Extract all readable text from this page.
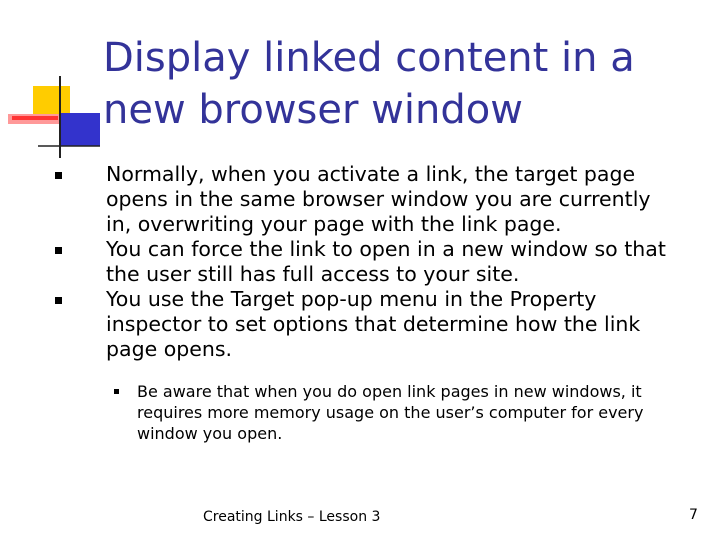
Display linked content in a
new browser window
Normally, when you activate a link, the target page
opens in the same browser window you are currently
in, overwriting your page with the link page.
You can force the link to open in a new window so that
the user still has full access to your site.
You use the Target pop-up menu in the Property
inspector to set options that determine how the link
page opens.
Be aware that when you do open link pages in new windows, it
requires more memory usage on the user’s computer for every
window you open.
Creating Links – Lesson 3	7
